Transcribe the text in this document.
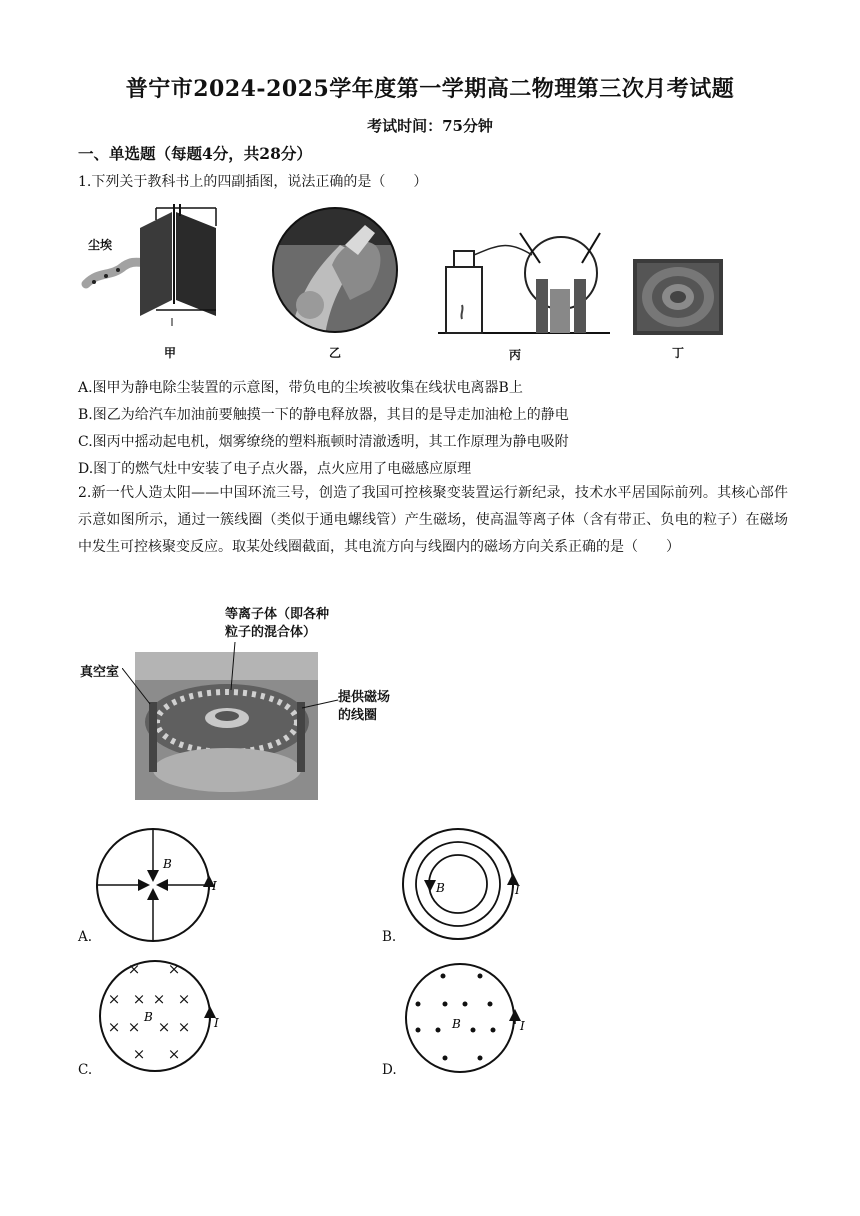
普宁市2024-2025学年度第一学期高二物理第三次月考试题
考试时间：75分钟
一、单选题（每题4分，共28分）
1.下列关于教科书上的四副插图，说法正确的是（　　）
尘埃
甲	乙	丙	丁
A.图甲为静电除尘装置的示意图，带负电的尘埃被收集在线状电离器B上
B.图乙为给汽车加油前要触摸一下的静电释放器，其目的是导走加油枪上的静电
C.图丙中摇动起电机，烟雾缭绕的塑料瓶顿时清澈透明，其工作原理为静电吸附
D.图丁的燃气灶中安装了电子点火器，点火应用了电磁感应原理
2.新一代人造太阳——中国环流三号，创造了我国可控核聚变装置运行新纪录，技术水平居国际前列。其核心部件示意如图所示，通过一簇线圈（类似于通电螺线管）产生磁场，使高温等离子体（含有带正、负电的粒子）在磁场中发生可控核聚变反应。取某处线圈截面，其电流方向与线圈内的磁场方向关系正确的是（　　）
等离子体（即各种
粒子的混合体）
真空室
提供磁场
的线圈
B
I
A.
B	I
B.
× ×
× × × ×
× × × ×
× ×
B	I
C.
B	I
D.
